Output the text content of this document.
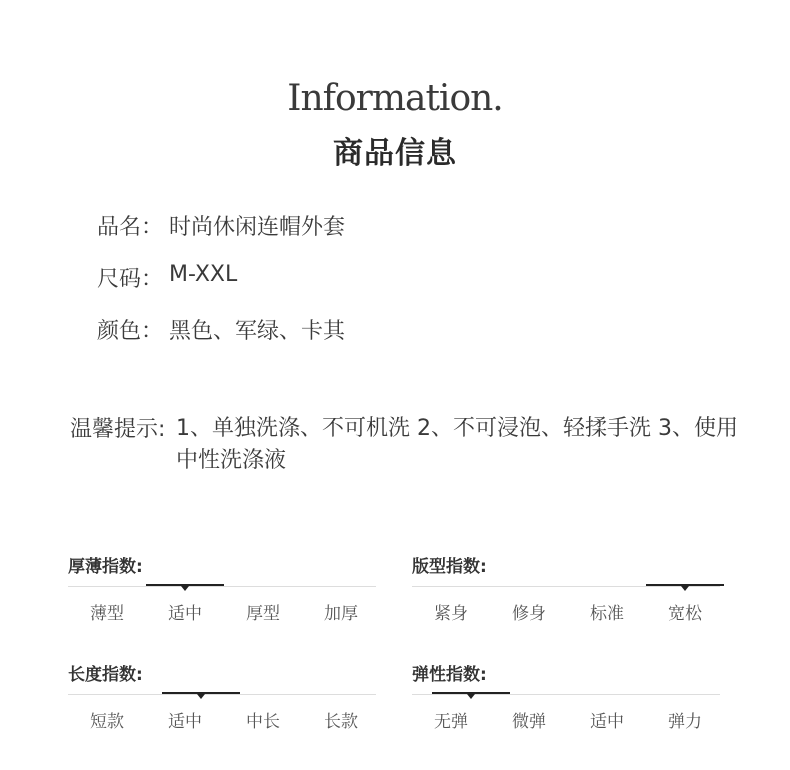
Information.
商品信息
品名： 时尚休闲连帽外套
尺码： M-XXL
颜色： 黑色、军绿、卡其
温馨提示: 1、单独洗涤、不可机洗 2、不可浸泡、轻揉手洗 3、使用中性洗涤液
厚薄指数:
薄型	适中	厚型	加厚
版型指数:
紧身	修身	标准	宽松
长度指数:
短款	适中	中长	长款
弹性指数:
无弹	微弹	适中	弹力
